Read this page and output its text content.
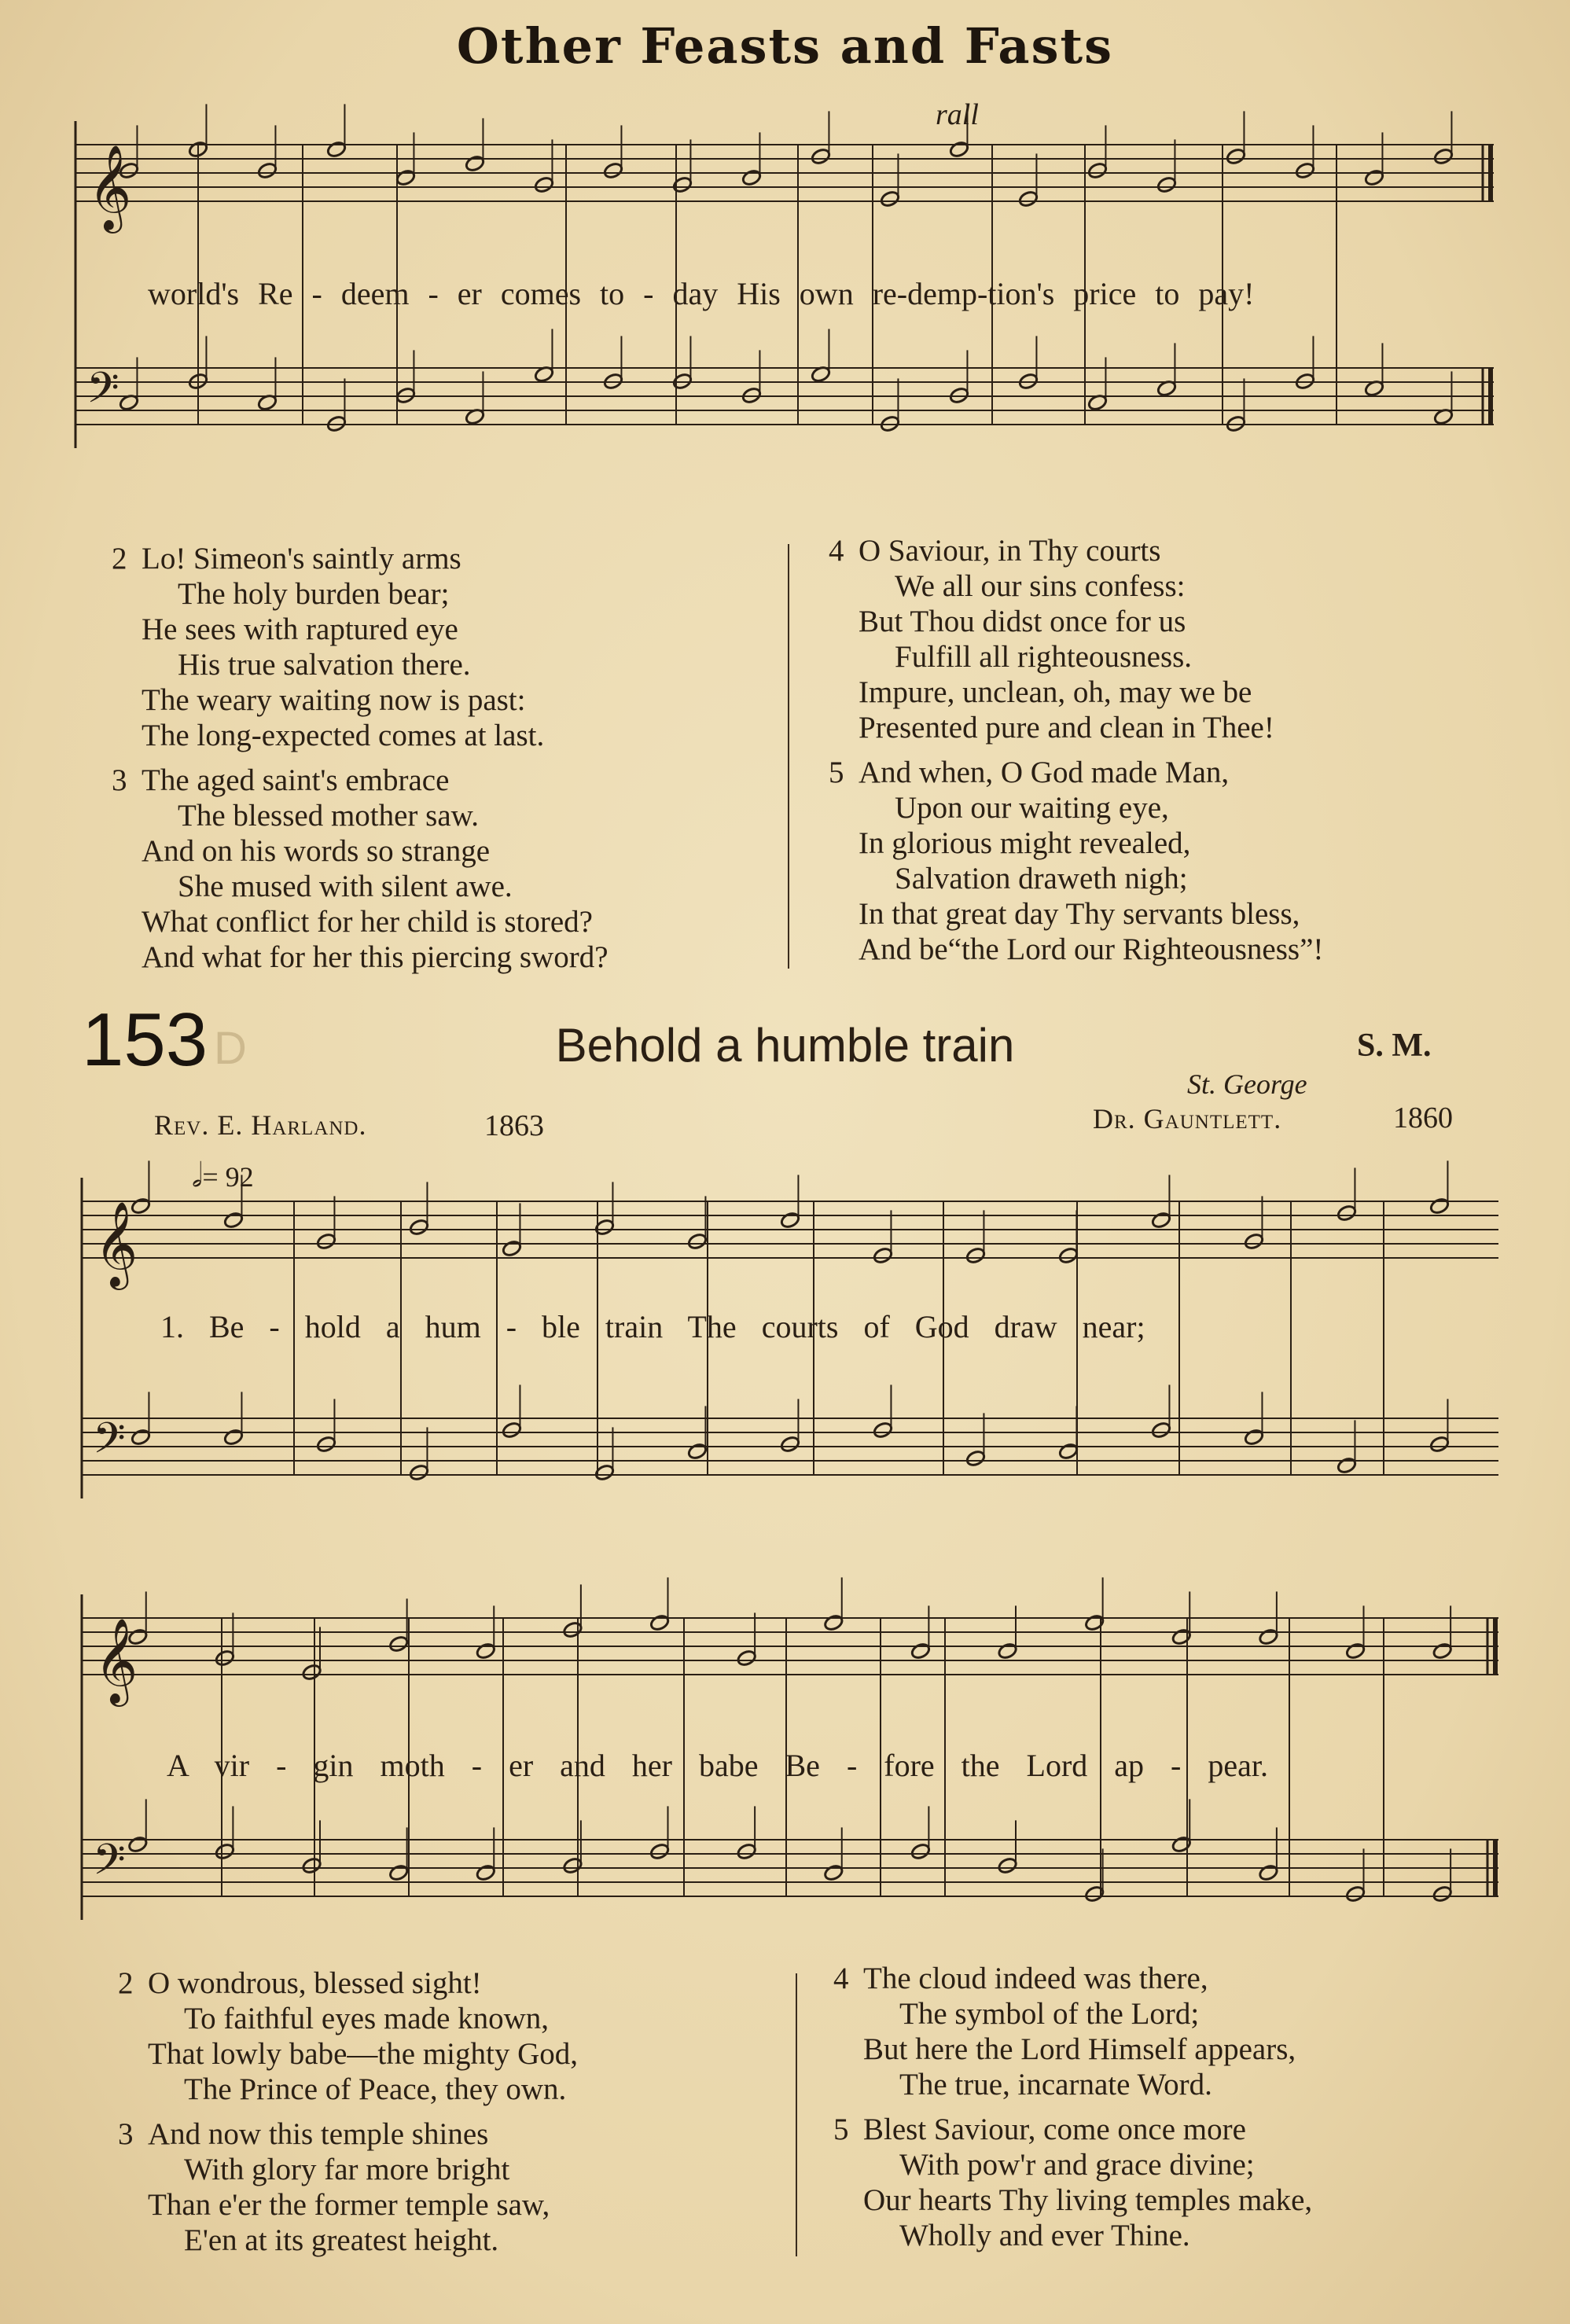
Other Feasts and Fasts
𝄞
𝄢
𝄞
𝄢
𝄞
𝄢
rall
world's Re - deem - er comes to - day His own re-demp-tion's price to pay!
2 Lo! Simeon's saintly arms
The holy burden bear;
He sees with raptured eye
His true salvation there.
The weary waiting now is past:
The long-expected comes at last.
3 The aged saint's embrace
The blessed mother saw.
And on his words so strange
She mused with silent awe.
What conflict for her child is stored?
And what for her this piercing sword?
4 O Saviour, in Thy courts
We all our sins confess:
But Thou didst once for us
Fulfill all righteousness.
Impure, unclean, oh, may we be
Presented pure and clean in Thee!
5 And when, O God made Man,
Upon our waiting eye,
In glorious might revealed,
Salvation draweth nigh;
In that great day Thy servants bless,
And be“the Lord our Righteousness”!
153 D	Behold a humble train	S. M.
St. George
Rev. E. Harland.	1863	Dr. Gauntlett.	1860
𝅗𝅥= 92
1. Be - hold a hum - ble train The courts of God draw near;
A vir - gin moth - er and her babe Be - fore the Lord ap - pear.
2 O wondrous, blessed sight!
To faithful eyes made known,
That lowly babe—the mighty God,
The Prince of Peace, they own.
3 And now this temple shines
With glory far more bright
Than e'er the former temple saw,
E'en at its greatest height.
4 The cloud indeed was there,
The symbol of the Lord;
But here the Lord Himself appears,
The true, incarnate Word.
5 Blest Saviour, come once more
With pow'r and grace divine;
Our hearts Thy living temples make,
Wholly and ever Thine.
